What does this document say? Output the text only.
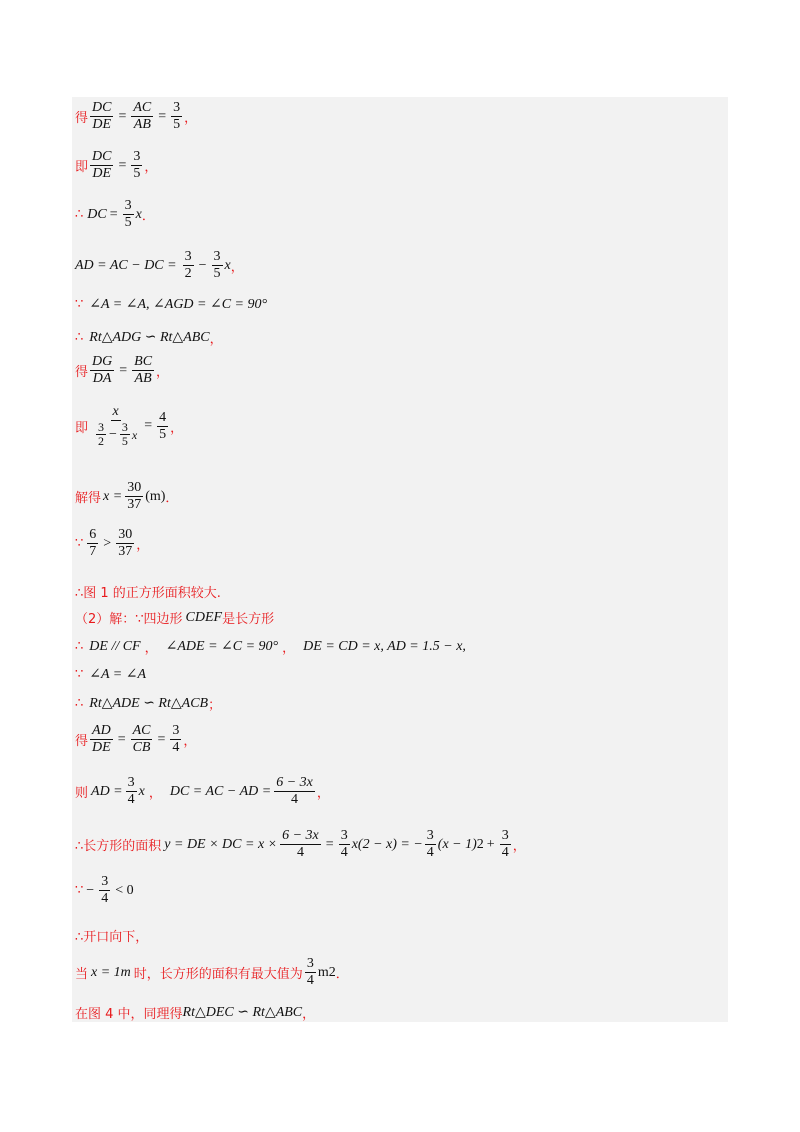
得 $\frac{DC}{DE} = \frac{AC}{AB} = \frac{3}{5}$ ，
即 $\frac{DC}{DE} = \frac{3}{5}$ ，
∴ DC = $\frac{3}{5}$ x ．
AD = AC − DC = $\frac{3}{2} - \frac{3}{5}$ x ，
∵ ∠A = ∠A, ∠AGD = ∠C = 90°
∴ Rt△ADG ∽ Rt△ABC ，
得 $\frac{DG}{DA} = \frac{BC}{AB}$ ，
即 $\frac{x}{\frac{3}{2} - \frac{3}{5} x} = \frac{4}{5}$ ，
解得 $x = \frac{30}{37} (m)$ ．
∵ $\frac{6}{7} > \frac{30}{37}$ ，
∴图 1 的正方形面积较大.
（2）解：∵四边形 CDEF 是长方形
∴ DE // CF ， ∠ADE = ∠C = 90° ， DE = CD = x, AD = 1.5 − x,
∵ ∠A = ∠A
∴ Rt△ADE ∽ Rt△ACB ；
得 $\frac{AD}{DE} = \frac{AC}{CB} = \frac{3}{4}$ ，
则 AD = $\frac{3}{4}$ x ， DC = AC − AD = $\frac{6 - 3x}{4}$ ，
∴长方形的面积 y = DE × DC = $x \times \frac{6 - 3x}{4} = \frac{3}{4} x(2 - x)$ = − $\frac{3}{4} (x - 1) 2 + \frac{3}{4}$ ，
∵ − $\frac{3}{4} < 0$
∴开口向下，
当 x = 1m 时，长方形的面积有最大值为 $\frac{3}{4}$ m 2 ．
在图 4 中，同理得 Rt△DEC ∽ Rt△ABC ，
